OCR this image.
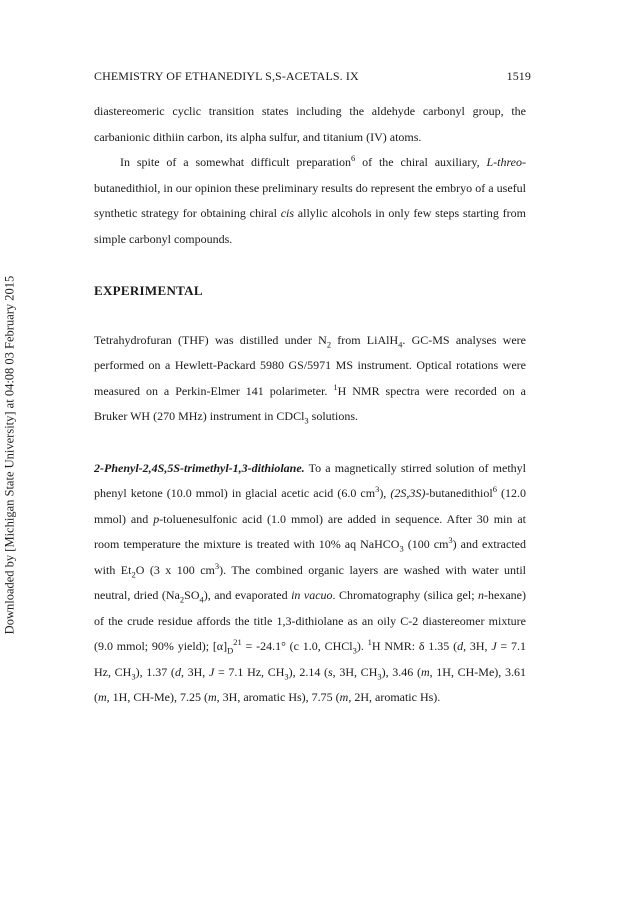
Downloaded by [Michigan State University] at 04:08 03 February 2015
CHEMISTRY OF ETHANEDIYL S,S-ACETALS. IX	1519

diastereomeric cyclic transition states including the aldehyde carbonyl group, the carbanionic dithiin carbon, its alpha sulfur, and titanium (IV) atoms.

In spite of a somewhat difficult preparation$^6$ of the chiral auxiliary, L-threo-butanedithiol, in our opinion these preliminary results do represent the embryo of a useful synthetic strategy for obtaining chiral cis allylic alcohols in only few steps starting from simple carbonyl compounds.

EXPERIMENTAL

Tetrahydrofuran (THF) was distilled under $N_2$ from LiAlH$_4$. GC-MS analyses were performed on a Hewlett-Packard 5980 GS/5971 MS instrument. Optical rotations were measured on a Perkin-Elmer 141 polarimeter. $^1$H NMR spectra were recorded on a Bruker WH (270 MHz) instrument in CDCl$_3$ solutions.

2-Phenyl-2,4S,5S-trimethyl-1,3-dithiolane. To a magnetically stirred solution of methyl phenyl ketone (10.0 mmol) in glacial acetic acid (6.0 $cm^3$), (2S,3S)-butanedithiol$^6$ (12.0 mmol) and p-toluenesulfonic acid (1.0 mmol) are added in sequence. After 30 min at room temperature the mixture is treated with 10% aq NaHCO$_3$ (100 $cm^3$) and extracted with $Et_2O$ (3 x 100 $cm^3$). The combined organic layers are washed with water until neutral, dried $(Na_2SO_4)$, and evaporated in vacuo. Chromatography (silica gel; n-hexane) of the crude residue affords the title 1,3-dithiolane as an oily C-2 diastereomer mixture (9.0 mmol; 90% yield); $[\alpha]_D^{21} = -24.1^\circ$ (c 1.0, CHCl$_3$). $^1$H NMR: δ 1.35 (d, 3H, J = 7.1 Hz, $CH_3$), 1.37 (d, 3H, J = 7.1 Hz, $CH_3$), 2.14 (s, 3H, $CH_3$), 3.46 (m, 1H, CH-Me), 3.61 (m, 1H, CH-Me), 7.25 (m, 3H, aromatic Hs), 7.75 (m, 2H, aromatic Hs).
